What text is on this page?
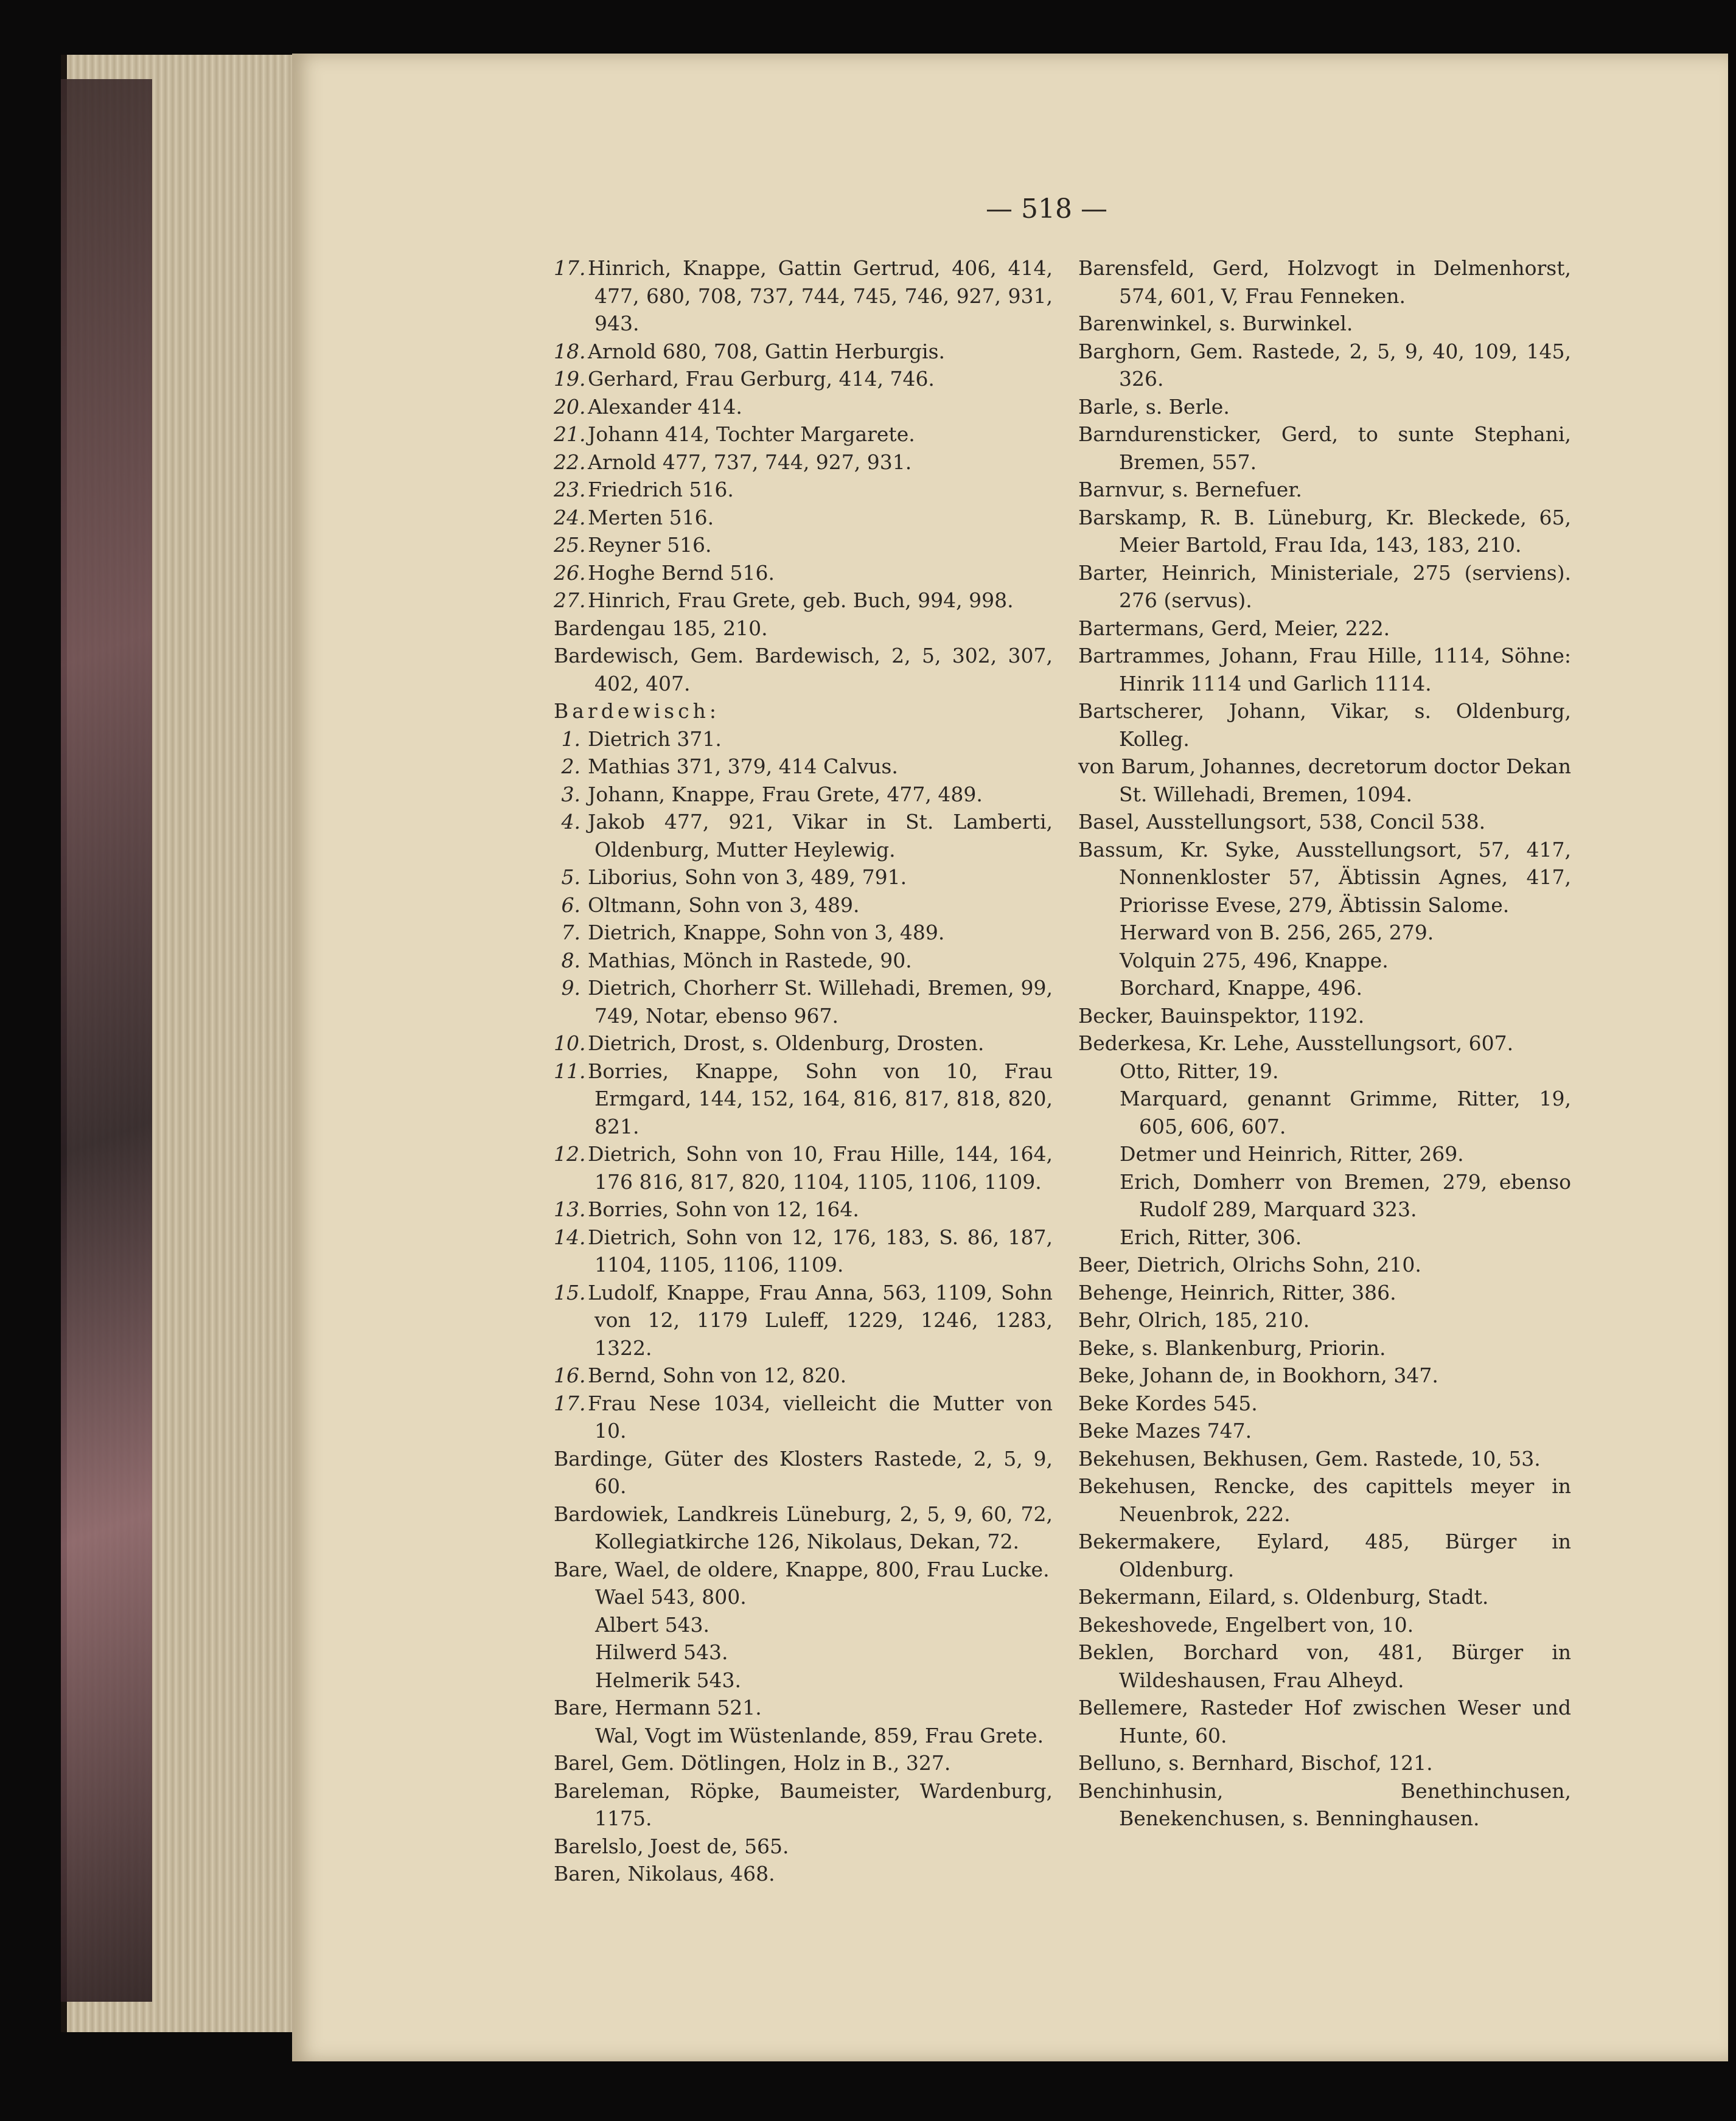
— 518 —
17. Hinrich, Knappe, Gattin Gertrud, 406, 414, 477, 680, 708, 737, 744, 745, 746, 927, 931, 943.
18. Arnold 680, 708, Gattin Herburgis.
19. Gerhard, Frau Gerburg, 414, 746.
20. Alexander 414.
21. Johann 414, Tochter Margarete.
22. Arnold 477, 737, 744, 927, 931.
23. Friedrich 516.
24. Merten 516.
25. Reyner 516.
26. Hoghe Bernd 516.
27. Hinrich, Frau Grete, geb. Buch, 994, 998.
Bardengau 185, 210.
Bardewisch, Gem. Bardewisch, 2, 5, 302, 307, 402, 407.
Bardewisch:
1. Dietrich 371.
2. Mathias 371, 379, 414 Calvus.
3. Johann, Knappe, Frau Grete, 477, 489.
4. Jakob 477, 921, Vikar in St. Lamberti, Oldenburg, Mutter Heylewig.
5. Liborius, Sohn von 3, 489, 791.
6. Oltmann, Sohn von 3, 489.
7. Dietrich, Knappe, Sohn von 3, 489.
8. Mathias, Mönch in Rastede, 90.
9. Dietrich, Chorherr St. Willehadi, Bremen, 99, 749, Notar, ebenso 967.
10. Dietrich, Drost, s. Oldenburg, Drosten.
11. Borries, Knappe, Sohn von 10, Frau Ermgard, 144, 152, 164, 816, 817, 818, 820, 821.
12. Dietrich, Sohn von 10, Frau Hille, 144, 164, 176 816, 817, 820, 1104, 1105, 1106, 1109.
13. Borries, Sohn von 12, 164.
14. Dietrich, Sohn von 12, 176, 183, S. 86, 187, 1104, 1105, 1106, 1109.
15. Ludolf, Knappe, Frau Anna, 563, 1109, Sohn von 12, 1179 Luleff, 1229, 1246, 1283, 1322.
16. Bernd, Sohn von 12, 820.
17. Frau Nese 1034, vielleicht die Mutter von 10.
Bardinge, Güter des Klosters Rastede, 2, 5, 9, 60.
Bardowiek, Landkreis Lüneburg, 2, 5, 9, 60, 72, Kollegiatkirche 126, Nikolaus, Dekan, 72.
Bare, Wael, de oldere, Knappe, 800, Frau Lucke.
Wael 543, 800.
Albert 543.
Hilwerd 543.
Helmerik 543.
Bare, Hermann 521.
Wal, Vogt im Wüstenlande, 859, Frau Grete.
Barel, Gem. Dötlingen, Holz in B., 327.
Bareleman, Röpke, Baumeister, Wardenburg, 1175.
Barelslo, Joest de, 565.
Baren, Nikolaus, 468.
Barensfeld, Gerd, Holzvogt in Delmenhorst, 574, 601, V, Frau Fenneken.
Barenwinkel, s. Burwinkel.
Barghorn, Gem. Rastede, 2, 5, 9, 40, 109, 145, 326.
Barle, s. Berle.
Barndurensticker, Gerd, to sunte Stephani, Bremen, 557.
Barnvur, s. Bernefuer.
Barskamp, R. B. Lüneburg, Kr. Bleckede, 65, Meier Bartold, Frau Ida, 143, 183, 210.
Barter, Heinrich, Ministeriale, 275 (serviens). 276 (servus).
Bartermans, Gerd, Meier, 222.
Bartrammes, Johann, Frau Hille, 1114, Söhne: Hinrik 1114 und Garlich 1114.
Bartscherer, Johann, Vikar, s. Oldenburg, Kolleg.
von Barum, Johannes, decretorum doctor Dekan St. Willehadi, Bremen, 1094.
Basel, Ausstellungsort, 538, Concil 538.
Bassum, Kr. Syke, Ausstellungsort, 57, 417, Nonnenkloster 57, Äbtissin Agnes, 417, Priorisse Evese, 279, Äbtissin Salome.
Herward von B. 256, 265, 279.
Volquin 275, 496, Knappe.
Borchard, Knappe, 496.
Becker, Bauinspektor, 1192.
Bederkesa, Kr. Lehe, Ausstellungsort, 607.
Otto, Ritter, 19.
Marquard, genannt Grimme, Ritter, 19, 605, 606, 607.
Detmer und Heinrich, Ritter, 269.
Erich, Domherr von Bremen, 279, ebenso Rudolf 289, Marquard 323.
Erich, Ritter, 306.
Beer, Dietrich, Olrichs Sohn, 210.
Behenge, Heinrich, Ritter, 386.
Behr, Olrich, 185, 210.
Beke, s. Blankenburg, Priorin.
Beke, Johann de, in Bookhorn, 347.
Beke Kordes 545.
Beke Mazes 747.
Bekehusen, Bekhusen, Gem. Rastede, 10, 53.
Bekehusen, Rencke, des capittels meyer in Neuenbrok, 222.
Bekermakere, Eylard, 485, Bürger in Oldenburg.
Bekermann, Eilard, s. Oldenburg, Stadt.
Bekeshovede, Engelbert von, 10.
Beklen, Borchard von, 481, Bürger in Wildeshausen, Frau Alheyd.
Bellemere, Rasteder Hof zwischen Weser und Hunte, 60.
Belluno, s. Bernhard, Bischof, 121.
Benchinhusin, Benethinchusen, Benekenchusen, s. Benninghausen.
